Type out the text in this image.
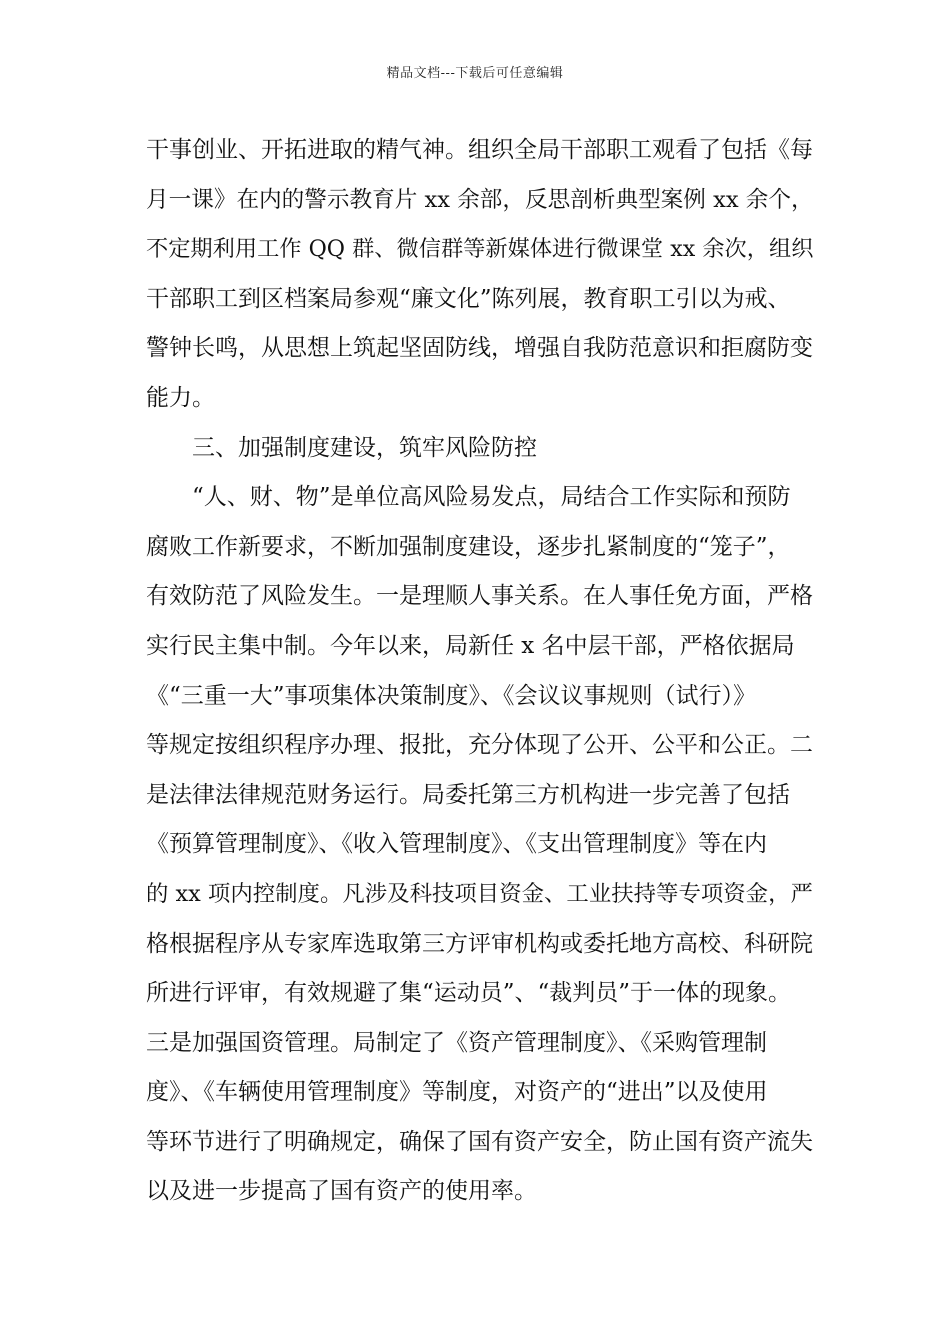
精品文档---下载后可任意编辑

干事创业、开拓进取的精气神。组织全局干部职工观看了包括《每

月一课》在内的警示教育片 xx 余部，反思剖析典型案例 xx 余个，

不定期利用工作 QQ 群、微信群等新媒体进行微课堂 xx 余次，组织

干部职工到区档案局参观“廉文化”陈列展，教育职工引以为戒、

警钟长鸣，从思想上筑起坚固防线，增强自我防范意识和拒腐防变

能力。

三、加强制度建设，筑牢风险防控

“人、财、物”是单位高风险易发点，局结合工作实际和预防

腐败工作新要求，不断加强制度建设，逐步扎紧制度的“笼子”，

有效防范了风险发生。一是理顺人事关系。在人事任免方面，严格

实行民主集中制。今年以来，局新任 x 名中层干部，严格依据局

《“三重一大”事项集体决策制度》、《会议议事规则（试行）》

等规定按组织程序办理、报批，充分体现了公开、公平和公正。二

是法律法律规范财务运行。局委托第三方机构进一步完善了包括

《预算管理制度》、《收入管理制度》、《支出管理制度》等在内

的 xx 项内控制度。凡涉及科技项目资金、工业扶持等专项资金，严

格根据程序从专家库选取第三方评审机构或委托地方高校、科研院

所进行评审，有效规避了集“运动员”、“裁判员”于一体的现象。

三是加强国资管理。局制定了《资产管理制度》、《采购管理制

度》、《车辆使用管理制度》等制度，对资产的“进出”以及使用

等环节进行了明确规定，确保了国有资产安全，防止国有资产流失

以及进一步提高了国有资产的使用率。
